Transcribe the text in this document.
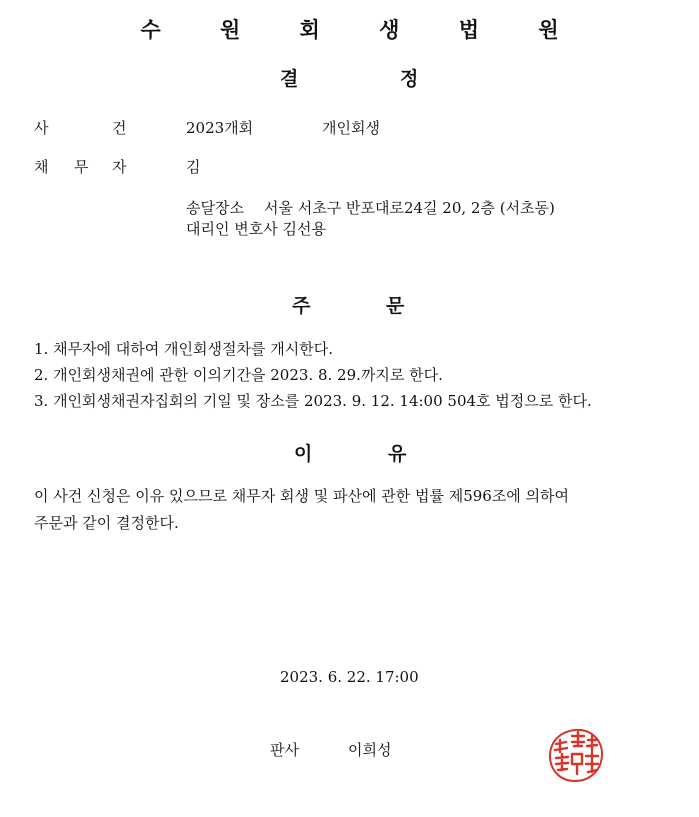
수 원 회 생 법 원
결	정
사	건	2023개회	개인회생
채 무 자	김
송달장소 서울 서초구 반포대로24길 20, 2층 (서초동)
대리인 변호사 김선용
주	문
1. 채무자에 대하여 개인회생절차를 개시한다.
2. 개인회생채권에 관한 이의기간을 2023. 8. 29.까지로 한다.
3. 개인회생채권자집회의 기일 및 장소를 2023. 9. 12. 14:00 504호 법정으로 한다.
이	유
이 사건 신청은 이유 있으므로 채무자 회생 및 파산에 관한 법률 제596조에 의하여
주문과 같이 결정한다.
2023. 6. 22. 17:00
판사	이희성
